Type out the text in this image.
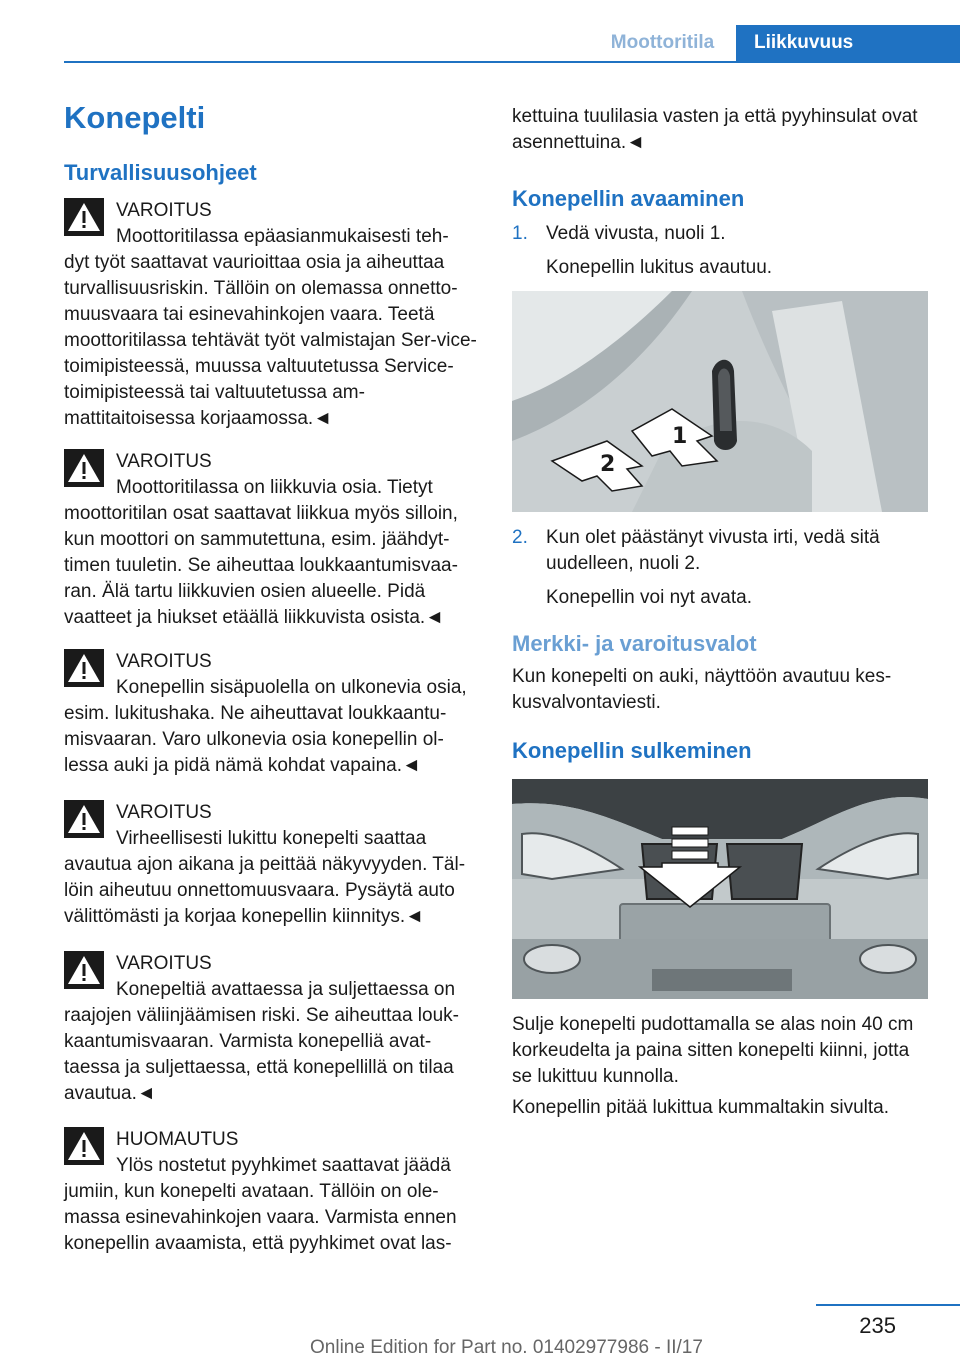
Moottoritila	Liikkuvuus
Konepelti
Turvallisuusohjeet
VAROITUS
Moottoritilassa epäasianmukaisesti teh-
dyt työt saattavat vaurioittaa osia ja aiheuttaa turvallisuusriskin. Tällöin on olemassa onnetto-muusvaara tai esinevahinkojen vaara. Teetä moottoritilassa tehtävät työt valmistajan Ser-vice-toimipisteessä, muussa valtuutetussa Service-toimipisteessä tai valtuutetussa am-mattitaitoisessa korjaamossa.◄
VAROITUS
Moottoritilassa on liikkuvia osia. Tietyt
moottoritilan osat saattavat liikkua myös silloin, kun moottori on sammutettuna, esim. jäähdyt-timen tuuletin. Se aiheuttaa loukkaantumisvaa-ran. Älä tartu liikkuvien osien alueelle. Pidä vaatteet ja hiukset etäällä liikkuvista osista.◄
VAROITUS
Konepellin sisäpuolella on ulkonevia osia,
esim. lukitushaka. Ne aiheuttavat loukkaantu-misvaaran. Varo ulkonevia osia konepellin ol-lessa auki ja pidä nämä kohdat vapaina.◄
VAROITUS
Virheellisesti lukittu konepelti saattaa
avautua ajon aikana ja peittää näkyvyyden. Täl-löin aiheutuu onnettomuusvaara. Pysäytä auto välittömästi ja korjaa konepellin kiinnitys.◄
VAROITUS
Konepeltiä avattaessa ja suljettaessa on
raajojen väliinjäämisen riski. Se aiheuttaa louk-kaantumisvaaran. Varmista konepelliä avat-taessa ja suljettaessa, että konepellillä on tilaa avautua.◄
HUOMAUTUS
Ylös nostetut pyyhkimet saattavat jäädä
jumiin, kun konepelti avataan. Tällöin on ole-massa esinevahinkojen vaara. Varmista ennen konepellin avaamista, että pyyhkimet ovat las-
kettuina tuulilasia vasten ja että pyyhinsulat ovat asennettuina.◄
Konepellin avaaminen
1. Vedä vivusta, nuoli 1.
Konepellin lukitus avautuu.
2
1
2. Kun olet päästänyt vivusta irti, vedä sitä uudelleen, nuoli 2.
Konepellin voi nyt avata.
Merkki- ja varoitusvalot
Kun konepelti on auki, näyttöön avautuu kes-kusvalvontaviesti.
Konepellin sulkeminen
Sulje konepelti pudottamalla se alas noin 40 cm korkeudelta ja paina sitten konepelti kiinni, jotta se lukittuu kunnolla.
Konepellin pitää lukittua kummaltakin sivulta.
235
Online Edition for Part no. 01402977986 - II/17
